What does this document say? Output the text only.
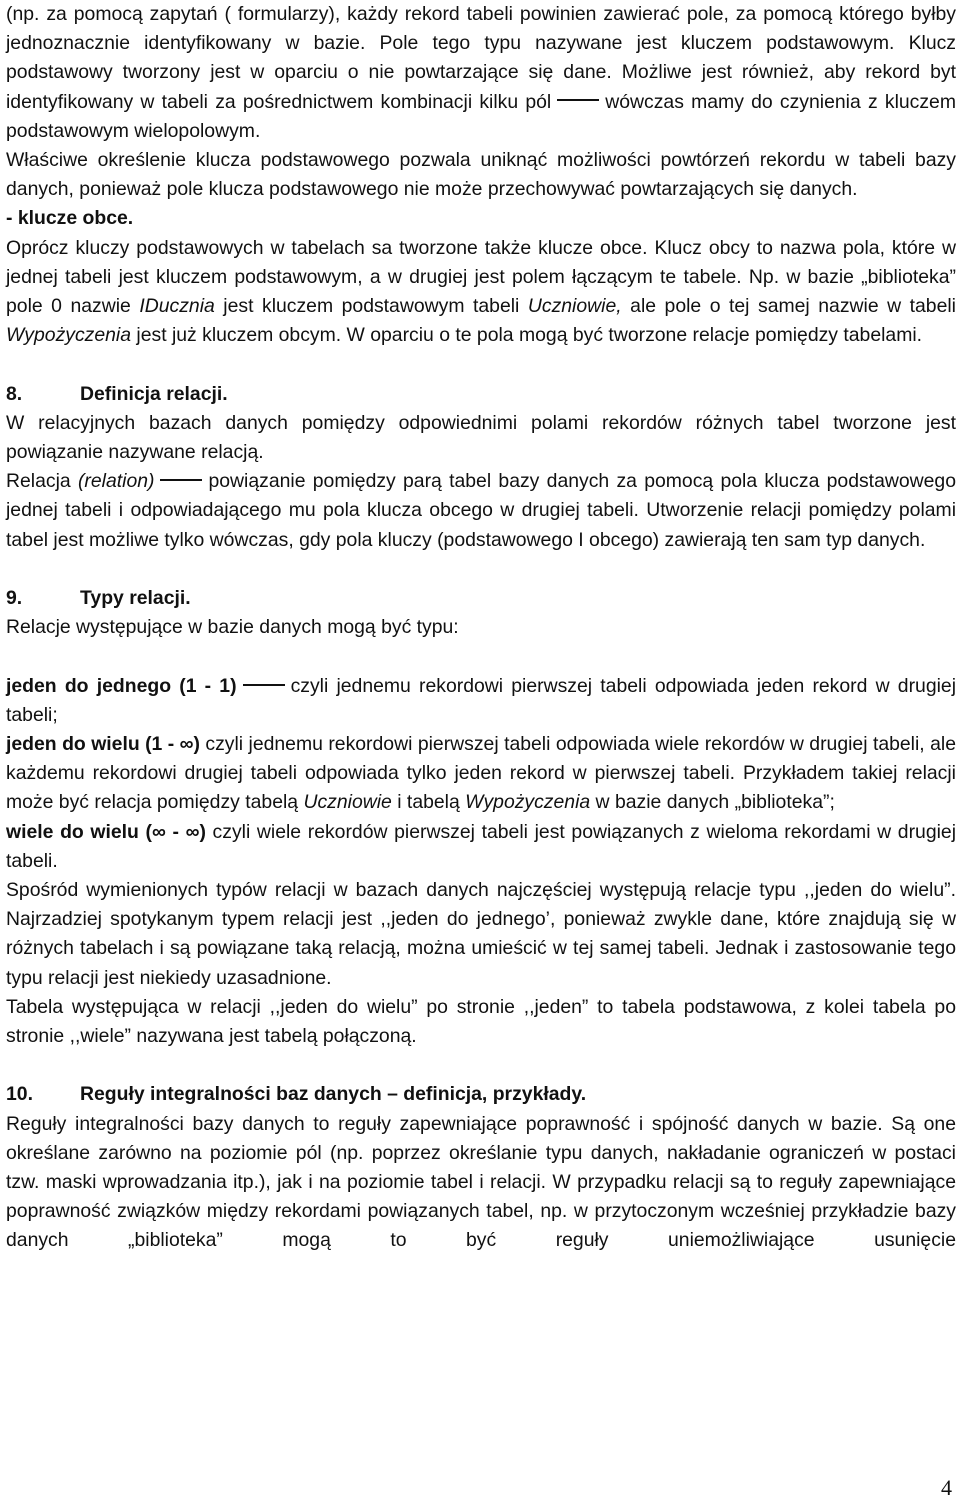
(np. za pomocą zapytań ( formularzy), każdy rekord tabeli powinien zawierać pole, za pomocą którego byłby jednoznacznie identyfikowany w bazie. Pole tego typu nazywane jest kluczem podstawowym. Klucz podstawowy tworzony jest w oparciu o nie powtarzające się dane. Możliwe jest również, aby rekord byt identyfikowany w tabeli za pośrednictwem kombinacji kilku pól	wówczas mamy do czynienia z kluczem podstawowym wielopolowym.

Właściwe określenie klucza podstawowego pozwala uniknąć możliwości powtórzeń rekordu w tabeli bazy danych, ponieważ pole klucza podstawowego nie może przechowywać powtarzających się danych.

- klucze obce.

Oprócz kluczy podstawowych w tabelach sa tworzone także klucze obce. Klucz obcy to nazwa pola, które w jednej tabeli jest kluczem podstawowym, a w drugiej jest polem łączącym te tabele. Np. w bazie „biblioteka” pole 0 nazwie IDucznia jest kluczem podstawowym tabeli Uczniowie, ale pole o tej samej nazwie w tabeli Wypożyczenia jest już kluczem obcym. W oparciu o te pola mogą być tworzone relacje pomiędzy tabelami.

8.	Definicja relacji.

W relacyjnych bazach danych pomiędzy odpowiednimi polami rekordów różnych tabel tworzone jest powiązanie nazywane relacją.

Relacja (relation)	powiązanie pomiędzy parą tabel bazy danych za pomocą pola klucza podstawowego jednej tabeli i odpowiadającego mu pola klucza obcego w drugiej tabeli. Utworzenie relacji pomiędzy polami tabel jest możliwe tylko wówczas, gdy pola kluczy (podstawowego I obcego) zawierają ten sam typ danych.

9.	Typy relacji.

Relacje występujące w bazie danych mogą być typu:

jeden do jednego (1 - 1)	czyli jednemu rekordowi pierwszej tabeli odpowiada jeden rekord w drugiej tabeli;

jeden do wielu (1 - ∞) czyli jednemu rekordowi pierwszej tabeli odpowiada wiele rekordów w drugiej tabeli, ale każdemu rekordowi drugiej tabeli odpowiada tylko jeden rekord w pierwszej tabeli. Przykładem takiej relacji może być relacja pomiędzy tabelą Uczniowie i tabelą Wypożyczenia w bazie danych „biblioteka”;

wiele do wielu (∞ - ∞) czyli wiele rekordów pierwszej tabeli jest powiązanych z wieloma rekordami w drugiej tabeli.

Spośród wymienionych typów relacji w bazach danych najczęściej występują relacje typu ,,jeden do wielu”. Najrzadziej spotykanym typem relacji jest ,,jeden do jednego’, ponieważ zwykle dane, które znajdują się w różnych tabelach i są powiązane taką relacją, można umieścić w tej samej tabeli. Jednak i zastosowanie tego typu relacji jest niekiedy uzasadnione.

Tabela występująca w relacji ,,jeden do wielu” po stronie ,,jeden” to tabela podstawowa, z kolei tabela po stronie ,,wiele” nazywana jest tabelą połączoną.

10. Reguły integralności baz danych – definicja, przykłady.

Reguły integralności bazy danych to reguły zapewniające poprawność i spójność danych w bazie. Są one określane zarówno na poziomie pól (np. poprzez określanie typu danych, nakładanie ograniczeń w postaci tzw. maski wprowadzania itp.), jak i na poziomie tabel i relacji. W przypadku relacji są to reguły zapewniające poprawność związków między rekordami powiązanych tabel, np. w przytoczonym wcześniej przykładzie bazy danych „biblioteka” mogą to być reguły uniemożliwiające usunięcie

4
